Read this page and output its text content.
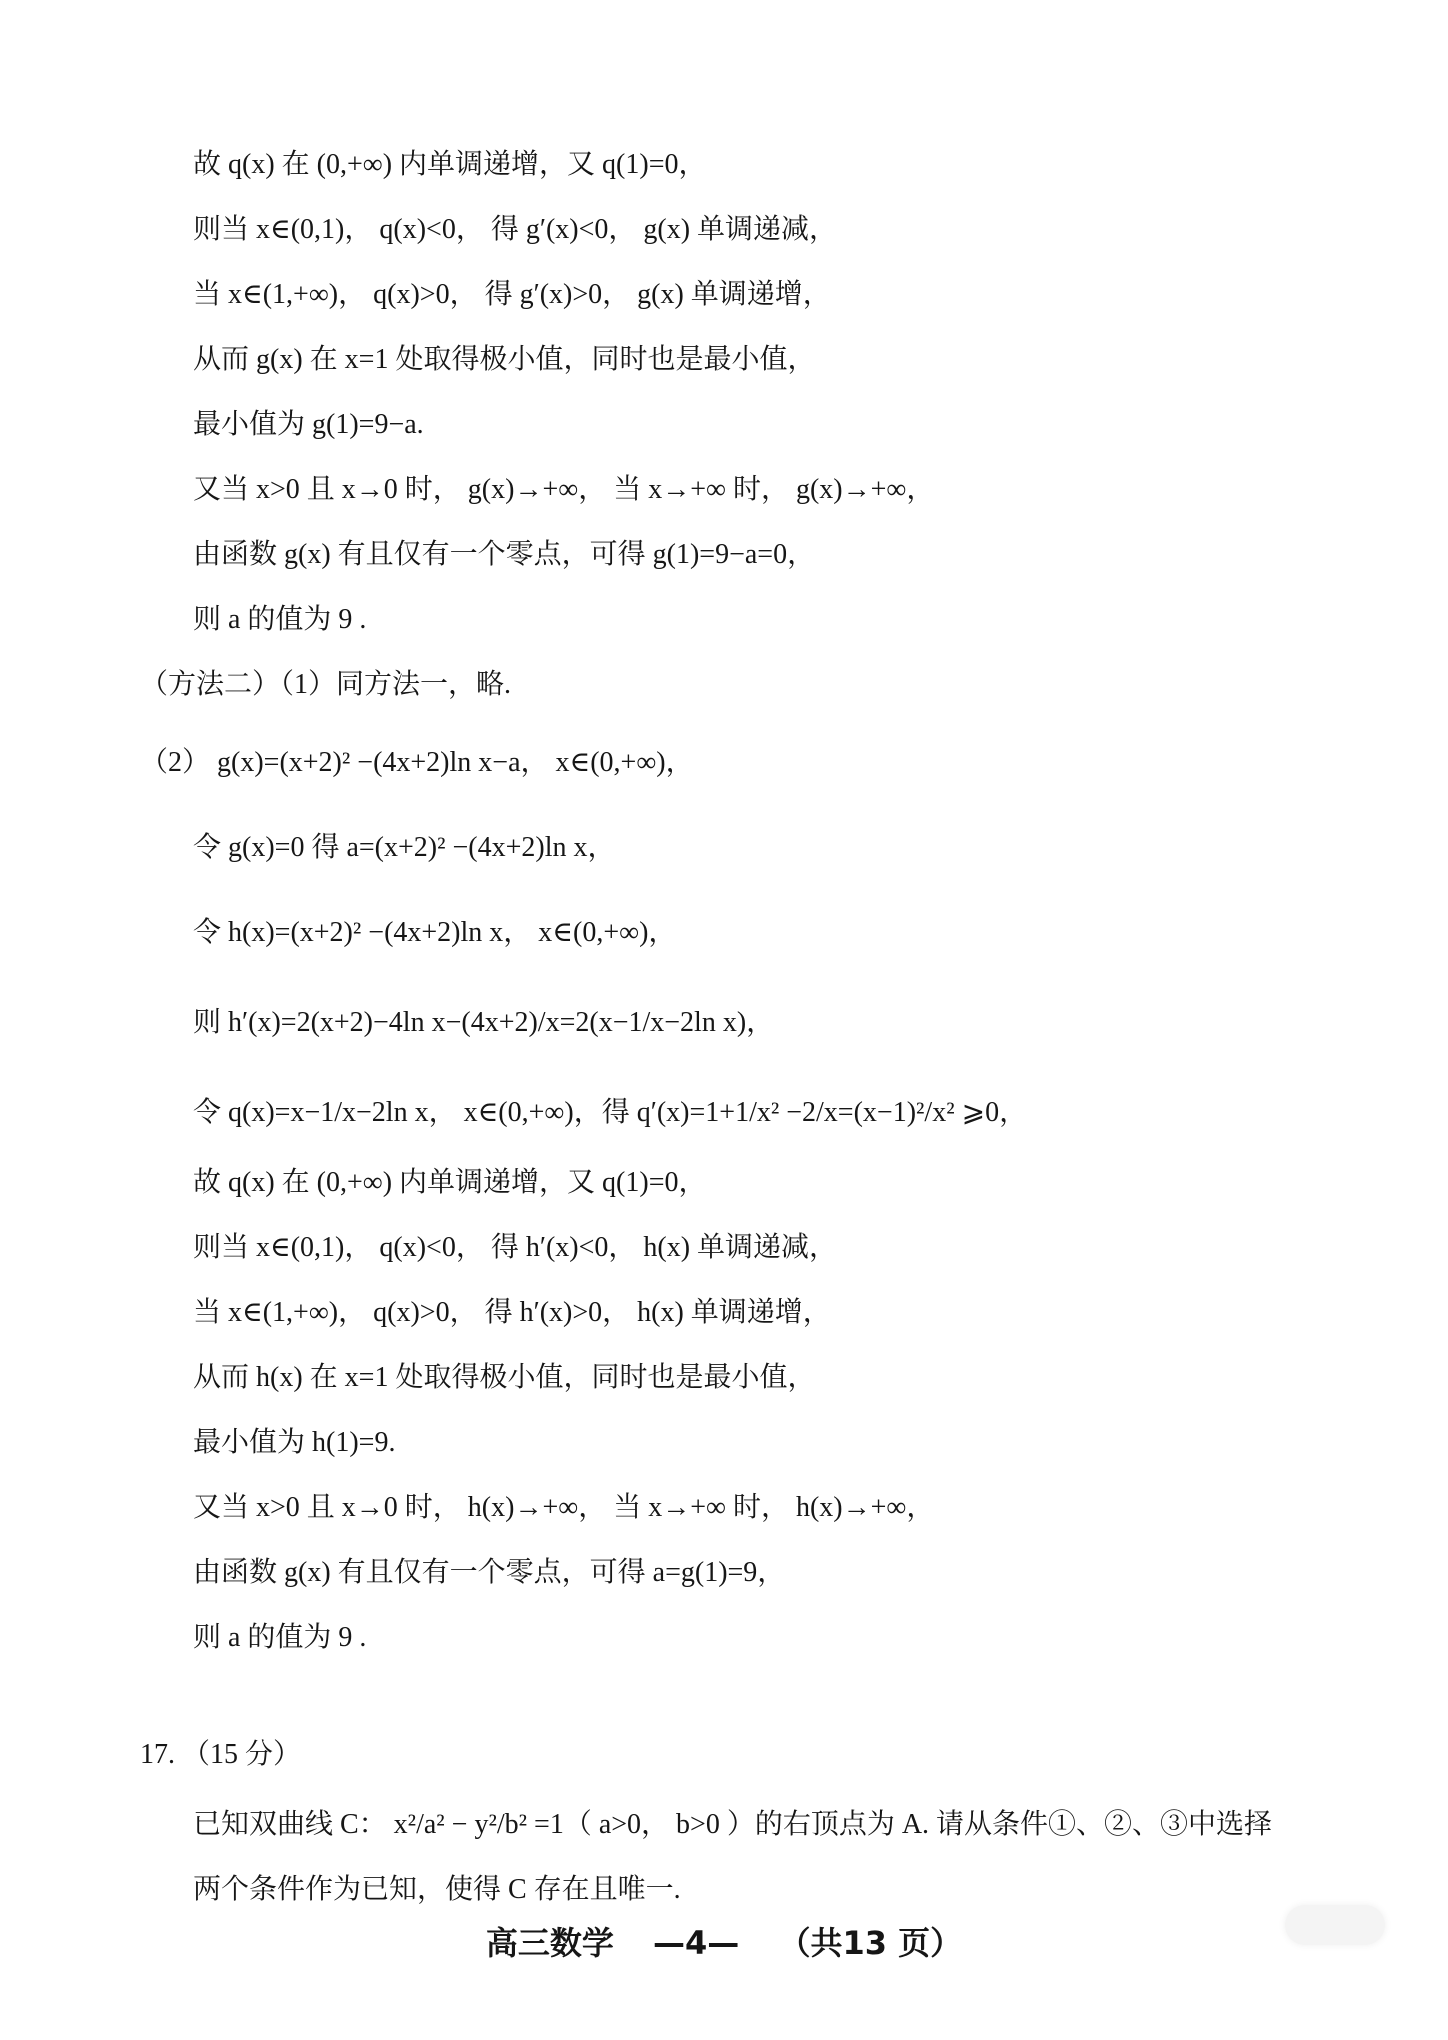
故 q(x) 在 (0,+∞) 内单调递增，又 q(1)=0，
则当 x∈(0,1)， q(x)<0， 得 g′(x)<0， g(x) 单调递减，
当 x∈(1,+∞)， q(x)>0， 得 g′(x)>0， g(x) 单调递增，
从而 g(x) 在 x=1 处取得极小值，同时也是最小值，
最小值为 g(1)=9−a.
又当 x>0 且 x→0 时， g(x)→+∞， 当 x→+∞ 时， g(x)→+∞，
由函数 g(x) 有且仅有一个零点，可得 g(1)=9−a=0，
则 a 的值为 9 .
（方法二）（1）同方法一，略.
（2） g(x)=(x+2)² −(4x+2)ln x−a， x∈(0,+∞)，
令 g(x)=0 得 a=(x+2)² −(4x+2)ln x，
令 h(x)=(x+2)² −(4x+2)ln x， x∈(0,+∞)，
则 h′(x)=2(x+2)−4ln x−(4x+2)/x=2(x−1/x−2ln x)，
令 q(x)=x−1/x−2ln x， x∈(0,+∞)，得 q′(x)=1+1/x² −2/x=(x−1)²/x² ⩾0，
故 q(x) 在 (0,+∞) 内单调递增，又 q(1)=0，
则当 x∈(0,1)， q(x)<0， 得 h′(x)<0， h(x) 单调递减，
当 x∈(1,+∞)， q(x)>0， 得 h′(x)>0， h(x) 单调递增，
从而 h(x) 在 x=1 处取得极小值，同时也是最小值，
最小值为 h(1)=9.
又当 x>0 且 x→0 时， h(x)→+∞， 当 x→+∞ 时， h(x)→+∞，
由函数 g(x) 有且仅有一个零点，可得 a=g(1)=9，
则 a 的值为 9 .
17. （15 分）
已知双曲线 C： x²/a² − y²/b² =1（ a>0， b>0 ）的右顶点为 A. 请从条件①、②、③中选择
两个条件作为已知，使得 C 存在且唯一.
高三数学 —4— （共13 页）
